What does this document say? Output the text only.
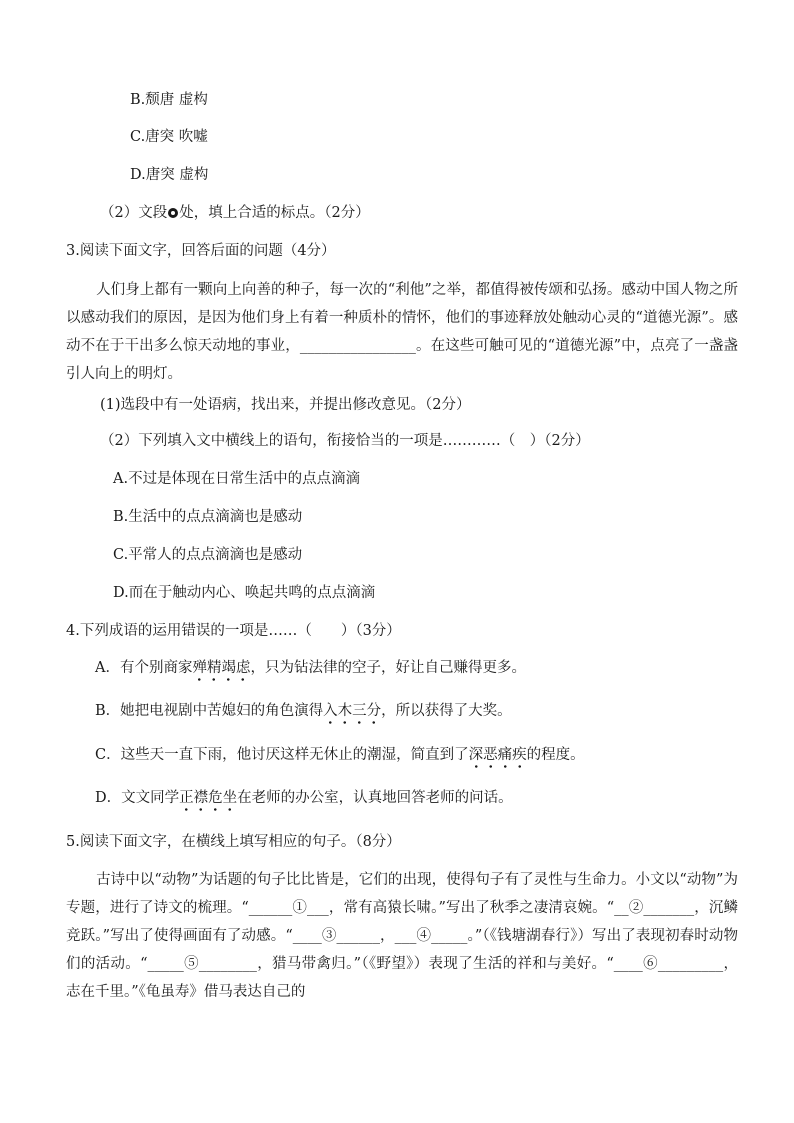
B.颓唐 虚构
C.唐突 吹嘘
D.唐突 虚构
（2）文段 处，填上合适的标点。（2分）
3.阅读下面文字，回答后面的问题（4分）
人们身上都有一颗向上向善的种子，每一次的“利他”之举，都值得被传颂和弘扬。感动中国人物之所以感动我们的原因，是因为他们身上有着一种质朴的情怀，他们的事迹释放处触动心灵的“道德光源”。感动不在于干出多么惊天动地的事业，________________。在这些可触可见的“道德光源”中，点亮了一盏盏引人向上的明灯。
(1)选段中有一处语病，找出来，并提出修改意见。（2分）
（2）下列填入文中横线上的语句，衔接恰当的一项是…………（　）（2分）
A.不过是体现在日常生活中的点点滴滴
B.生活中的点点滴滴也是感动
C.平常人的点点滴滴也是感动
D.而在于触动内心、唤起共鸣的点点滴滴
4.下列成语的运用错误的一项是……（　　）（3分）
A．有个别商家殚精竭虑，只为钻法律的空子，好让自己赚得更多。
B．她把电视剧中苦媳妇的角色演得入木三分，所以获得了大奖。
C．这些天一直下雨，他讨厌这样无休止的潮湿，简直到了深恶痛疾的程度。
D．文文同学正襟危坐在老师的办公室，认真地回答老师的问话。
5.阅读下面文字，在横线上填写相应的句子。（8分）
古诗中以“动物”为话题的句子比比皆是，它们的出现，使得句子有了灵性与生命力。小文以“动物”为专题，进行了诗文的梳理。“______①___，常有高猿长啸。”写出了秋季之凄清哀婉。“__②_______，沉鳞竞跃。”写出了使得画面有了动感。“____③______，___④_____。”（《钱塘湖春行》）写出了表现初春时动物们的活动。“_____⑤________，猎马带禽归。”（《野望》）表现了生活的祥和与美好。“____⑥_________，志在千里。”《龟虽寿》借马表达自己的
